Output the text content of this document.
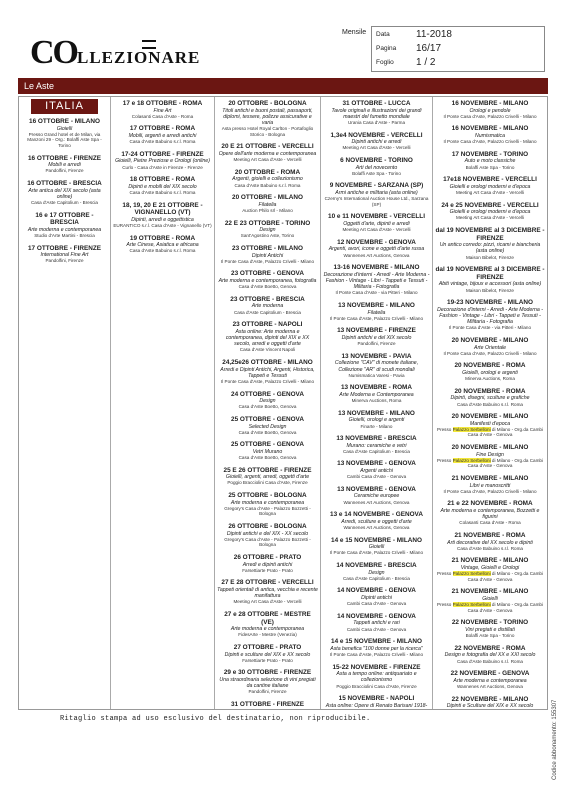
COLLEZIONARE
Mensile	Data	11-2018
Pagina	16/17
Foglio	1 / 2
Le Aste
ITALIA
16 OTTOBRE - MILANO
Gioielli
Presso Grand hotel et de Milan, via Manzoni 29 - Org.: Bolaffi Aste Spa - Torino
16 OTTOBRE - FIRENZE
Mobili e arredi
Pandolfini, Firenze
16 OTTOBRE - BRESCIA
Arte antica del XIX secolo (asta online)
Casa d'Aste Capitolium - Brescia
16 e 17 OTTOBRE - BRESCIA
Arte moderna e contemporanea
Studio d'Arte Martini - Brescia
17 OTTOBRE - FIRENZE
International Fine Art
Pandolfini, Firenze
17 e 18 OTTOBRE - ROMA
Fine Art
Colasanti Casa d'Aste - Roma
17 OTTOBRE - ROMA
Mobili, argenti e arredi antichi
Casa d'Aste Babuino s.r.l. Roma
17-24 OTTOBRE - FIRENZE
Gioielli, Pietre Preziose e Orologi (online)
Curlo - Casa d'Aste in Firenze - Firenze
18 OTTOBRE - ROMA
Dipinti e mobili del XIX secolo
Casa d'Aste Babuino s.r.l. Roma
18, 19, 20 E 21 OTTOBRE - VIGNANELLO (VT)
Dipinti, arredi e oggettistica
EURANTICO s.r.l. Casa d'Aste - Vignanello (VT)
19 OTTOBRE - ROMA
Arte Cinese, Asiatica e africana
Casa d'Aste Babuino s.r.l. Roma
20 OTTOBRE - BOLOGNA
Titoli antichi e buoni postali, passaporti, diplomi, tessere, polizze assicurative e varia
Asta presso Hotel Royal Carlton - Portafoglio Storico - Bologna
20 E 21 OTTOBRE - VERCELLI
Opere dell'arte moderna e contemporanea
Meeting Art Casa d'Aste - Vercelli
20 OTTOBRE - ROMA
Argenti, gioielli e collezionismo
Casa d'Aste Babuino s.r.l. Roma
20 OTTOBRE - MILANO
Filatelia
Auction Philo srl - Milano
22 E 23 OTTOBRE - TORINO
Design
Sant'Agostino Aste, Torino
23 OTTOBRE - MILANO
Dipinti Antichi
Il Ponte Casa d'Aste, Palazzo Crivelli - Milano
23 OTTOBRE - GENOVA
Arte moderna e contemporanea, fotografia
Casa d'Aste Boetto, Genova
23 OTTOBRE - BRESCIA
Arte moderna
Casa d'Aste Capitolium - Brescia
23 OTTOBRE - NAPOLI
Asta online: Arte moderna e contemporanea, dipinti del XIX e XX secolo, arredi e oggetti d'arte
Casa d'Aste Vincent Napoli
24,25e26 OTTOBRE - MILANO
Arredi e Dipinti Antichi, Argenti, Historica, Tappeti e Tessuti
Il Ponte Casa d'Aste, Palazzo Crivelli - Milano
24 OTTOBRE - GENOVA
Design
Casa d'Aste Boetto, Genova
25 OTTOBRE - GENOVA
Selected Design
Casa d'Aste Boetto, Genova
25 OTTOBRE - GENOVA
Vetri Murano
Casa d'Aste Boetto, Genova
25 E 26 OTTOBRE - FIRENZE
Gioielli, argenti, arredi, oggetti d'arte
Poggio Bracciolini Casa d'Aste, Firenze
25 OTTOBRE - BOLOGNA
Arte moderna e contemporanea
Gregory's Casa d'Aste - Palazzo Bozzetti - Bologna
26 OTTOBRE - BOLOGNA
Dipinti antichi e del XIX - XX secolo
Gregory's Casa d'Aste - Palazzo Bozzetti - Bologna
26 OTTOBRE - PRATO
Arredi e dipinti antichi
Farsettiarte Prato - Prato
27 E 28 OTTOBRE - VERCELLI
Tappeti orientali di antica, vecchia e recente manifattura
Meeting Art Casa d'Aste - Vercelli
27 e 28 OTTOBRE - MESTRE (VE)
Arte moderna e contemporanea
FidesArte - Mestre (Venezia)
27 OTTOBRE - PRATO
Dipinti e sculture del XIX e XX secolo
Farsettiarte Prato - Prato
29 e 30 OTTOBRE - FIRENZE
Una straordinaria selezione di vini pregiati da cantine italiane
Pandolfini, Firenze
31 OTTOBRE - FIRENZE
31 OTTOBRE - LUCCA
Tavole originali e illustrazioni dei grandi maestri del fumetto mondiale
Urania Casa d'Aste - Parma
1,3e4 NOVEMBRE - VERCELLI
Dipinti antichi e arredi
Meeting Art Casa d'Aste - Vercelli
6 NOVEMBRE - TORINO
Arti del novecento
Bolaffi Aste Spa - Torino
9 NOVEMBRE - SARZANA (SP)
Armi antiche e militaria (asta online)
Czerny's International Auction House Ltd., Sarzana (SP)
10 e 11 NOVEMBRE - VERCELLI
Oggetti d'arte, dipinti e arredi
Meeting Art Casa d'Aste - Vercelli
12 NOVEMBRE - GENOVA
Argenti, avori, icone e oggetti d'arte russa
Wannenes Art Auctions, Genova
13-16 NOVEMBRE - MILANO
Decorazione d'interni - Arredi - Arte Moderna - Fashion - Vintage - Libri - Tappeti e Tessuti - Militaria - Fotografia
Il Ponte Casa d'Aste - via Pitteri - Milano
13 NOVEMBRE - MILANO
Filatelia
Il Ponte Casa d'Aste, Palazzo Crivelli - Milano
13 NOVEMBRE - FIRENZE
Dipinti antichi e del XIX secolo
Pandolfini, Firenze
13 NOVEMBRE - PAVIA
Collezione "CAV" di monete italiane, Collezione "AR" di scudi mondiali
Numismatica Varesi - Pavia
13 NOVEMBRE - ROMA
Arte Moderna e Contemporanea
Minerva Auctions, Roma
13 NOVEMBRE - MILANO
Gioielli, orologi e argenti
Finarte - Milano
13 NOVEMBRE - BRESCIA
Murano: ceramiche e vetri
Casa d'Aste Capitolium - Brescia
13 NOVEMBRE - GENOVA
Argenti antichi
Cambi Casa d'Aste - Genova
13 NOVEMBRE - GENOVA
Ceramiche europee
Wannenes Art Auctions, Genova
13 e 14 NOVEMBRE - GENOVA
Arredi, sculture e oggetti d'arte
Wannenes Art Auctions, Genova
14 e 15 NOVEMBRE - MILANO
Gioielli
Il Ponte Casa d'Aste, Palazzo Crivelli - Milano
14 NOVEMBRE - BRESCIA
Design
Casa d'Aste Capitolium - Brescia
14 NOVEMBRE - GENOVA
Dipinti antichi
Cambi Casa d'Aste - Genova
14 NOVEMBRE - GENOVA
Tappeti antichi e rari
Cambi Casa d'Aste - Genova
14 e 15 NOVEMBRE - MILANO
Asta benefica "100 donne per la ricerca"
Il Ponte Casa d'Aste, Palazzo Crivelli - Milano
15-22 NOVEMBRE - FIRENZE
Asta a tempo online: antiquariato e collezionismo
Poggio Bracciolini Casa d'Aste, Firenze
15 NOVEMBRE - NAPOLI
Asta online: Opere di Renato Barisani 1918-
16 NOVEMBRE - MILANO
Orologi e pendole
Il Ponte Casa d'Aste, Palazzo Crivelli - Milano
16 NOVEMBRE - MILANO
Numismatica
Il Ponte Casa d'Aste, Palazzo Crivelli - Milano
17 NOVEMBRE - TORINO
Auto e moto classiche
Bolaffi Aste Spa - Torino
17e18 NOVEMBRE - VERCELLI
Gioielli e orologi moderni e d'epoca
Meeting Art Casa d'Aste - Vercelli
24 e 25 NOVEMBRE - VERCELLI
Gioielli e orologi moderni e d'epoca
Meeting Art Casa d'Aste - Vercelli
dal 19 NOVEMBRE al 3 DICEMBRE - FIRENZE
Un antico corredo: pizzi, ricami e biancheria (asta online)
Maison Bibelot, Firenze
dal 19 NOVEMBRE al 3 DICEMBRE - FIRENZE
Abiti vintage, bijoux e accessori (asta online)
Maison Bibelot, Firenze
19-23 NOVEMBRE - MILANO
Decorazione d'interni - Arredi - Arte Moderna - Fashion - Vintage - Libri - Tappeti e Tessuti - Militaria - Fotografia
Il Ponte Casa d'Aste - via Pitteri - Milano
20 NOVEMBRE - MILANO
Arte Orientale
Il Ponte Casa d'Aste, Palazzo Crivelli - Milano
20 NOVEMBRE - ROMA
Gioielli, orologi e argenti
Minerva Auctions, Roma
20 NOVEMBRE - ROMA
Dipinti, disegni, sculture e grafiche
Casa d'Aste Babuino s.r.l. Roma
20 NOVEMBRE - MILANO
Manifesti d'epoca
Presso Palazzo Serbelloni di Milano - Org.da Cambi Casa d'Aste - Genova
20 NOVEMBRE - MILANO
Fine Design
Presso Palazzo Serbelloni di Milano - Org.da Cambi Casa d'Aste - Genova
21 NOVEMBRE - MILANO
Libri e manoscritti
Il Ponte Casa d'Aste, Palazzo Crivelli - Milano
21 e 22 NOVEMBRE - ROMA
Arte moderna e contemporanea, Bozzetti e figurini
Colasanti Casa d'Aste - Roma
21 NOVEMBRE - ROMA
Arti decorative del XX secolo e dipinti
Casa d'Aste Babuino s.r.l. Roma
21 NOVEMBRE - MILANO
Vintage, Gioielli e Orologi
Presso Palazzo Serbelloni di Milano - Org.da Cambi Casa d'Aste - Genova
21 NOVEMBRE - MILANO
Gioielli
Presso Palazzo Serbelloni di Milano - Org.da Cambi Casa d'Aste - Genova
22 NOVEMBRE - TORINO
Vini pregiati e distillati
Bolaffi Aste Spa - Torino
22 NOVEMBRE - ROMA
Design e fotografia del XX e XXI secolo
Casa d'Aste Babuino s.r.l. Roma
22 NOVEMBRE - GENOVA
Arte moderna e contemporanea
Wannenes Art Auctions, Genova
22 NOVEMBRE - MILANO
Dipinti e Sculture del XIX e XX secolo
Ritaglio stampa ad uso esclusivo del destinatario, non riproducibile.	Codice abbonamento: 155307
